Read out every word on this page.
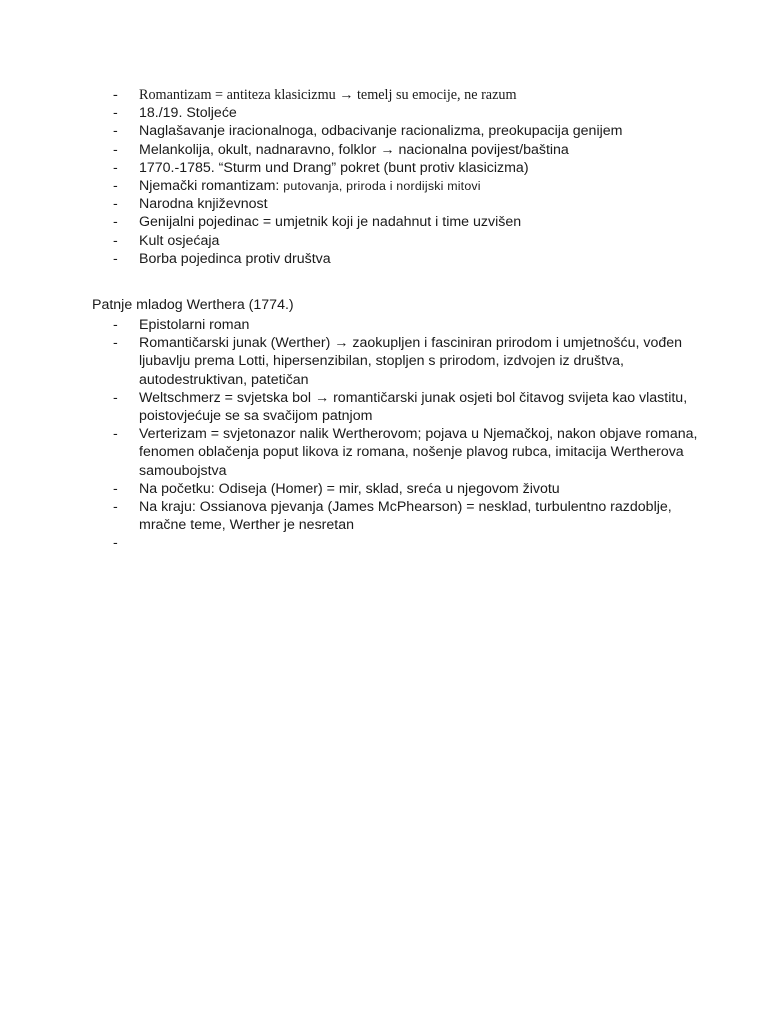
- Romantizam = antiteza klasicizmu → temelj su emocije, ne razum
- 18./19. Stoljeće
- Naglašavanje iracionalnoga, odbacivanje racionalizma, preokupacija genijem
- Melankolija, okult, nadnaravno, folklor → nacionalna povijest/baština
- 1770.-1785. “Sturm und Drang” pokret (bunt protiv klasicizma)
- Njemački romantizam: putovanja, priroda i nordijski mitovi
- Narodna književnost
- Genijalni pojedinac = umjetnik koji je nadahnut i time uzvišen
- Kult osjećaja
- Borba pojedinca protiv društva
Patnje mladog Werthera (1774.)
- Epistolarni roman
- Romantičarski junak (Werther) → zaokupljen i fasciniran prirodom i umjetnošću, vođen ljubavlju prema Lotti, hipersenzibilan, stopljen s prirodom, izdvojen iz društva, autodestruktivan, patetičan
- Weltschmerz = svjetska bol → romantičarski junak osjeti bol čitavog svijeta kao vlastitu, poistovjećuje se sa svačijom patnjom
- Verterizam = svjetonazor nalik Wertherovom; pojava u Njemačkoj, nakon objave romana, fenomen oblačenja poput likova iz romana, nošenje plavog rubca, imitacija Wertherova samoubojstva
- Na početku: Odiseja (Homer) = mir, sklad, sreća u njegovom životu
- Na kraju: Ossianova pjevanja (James McPhearson) = nesklad, turbulentno razdoblje, mračne teme, Werther je nesretan
-
